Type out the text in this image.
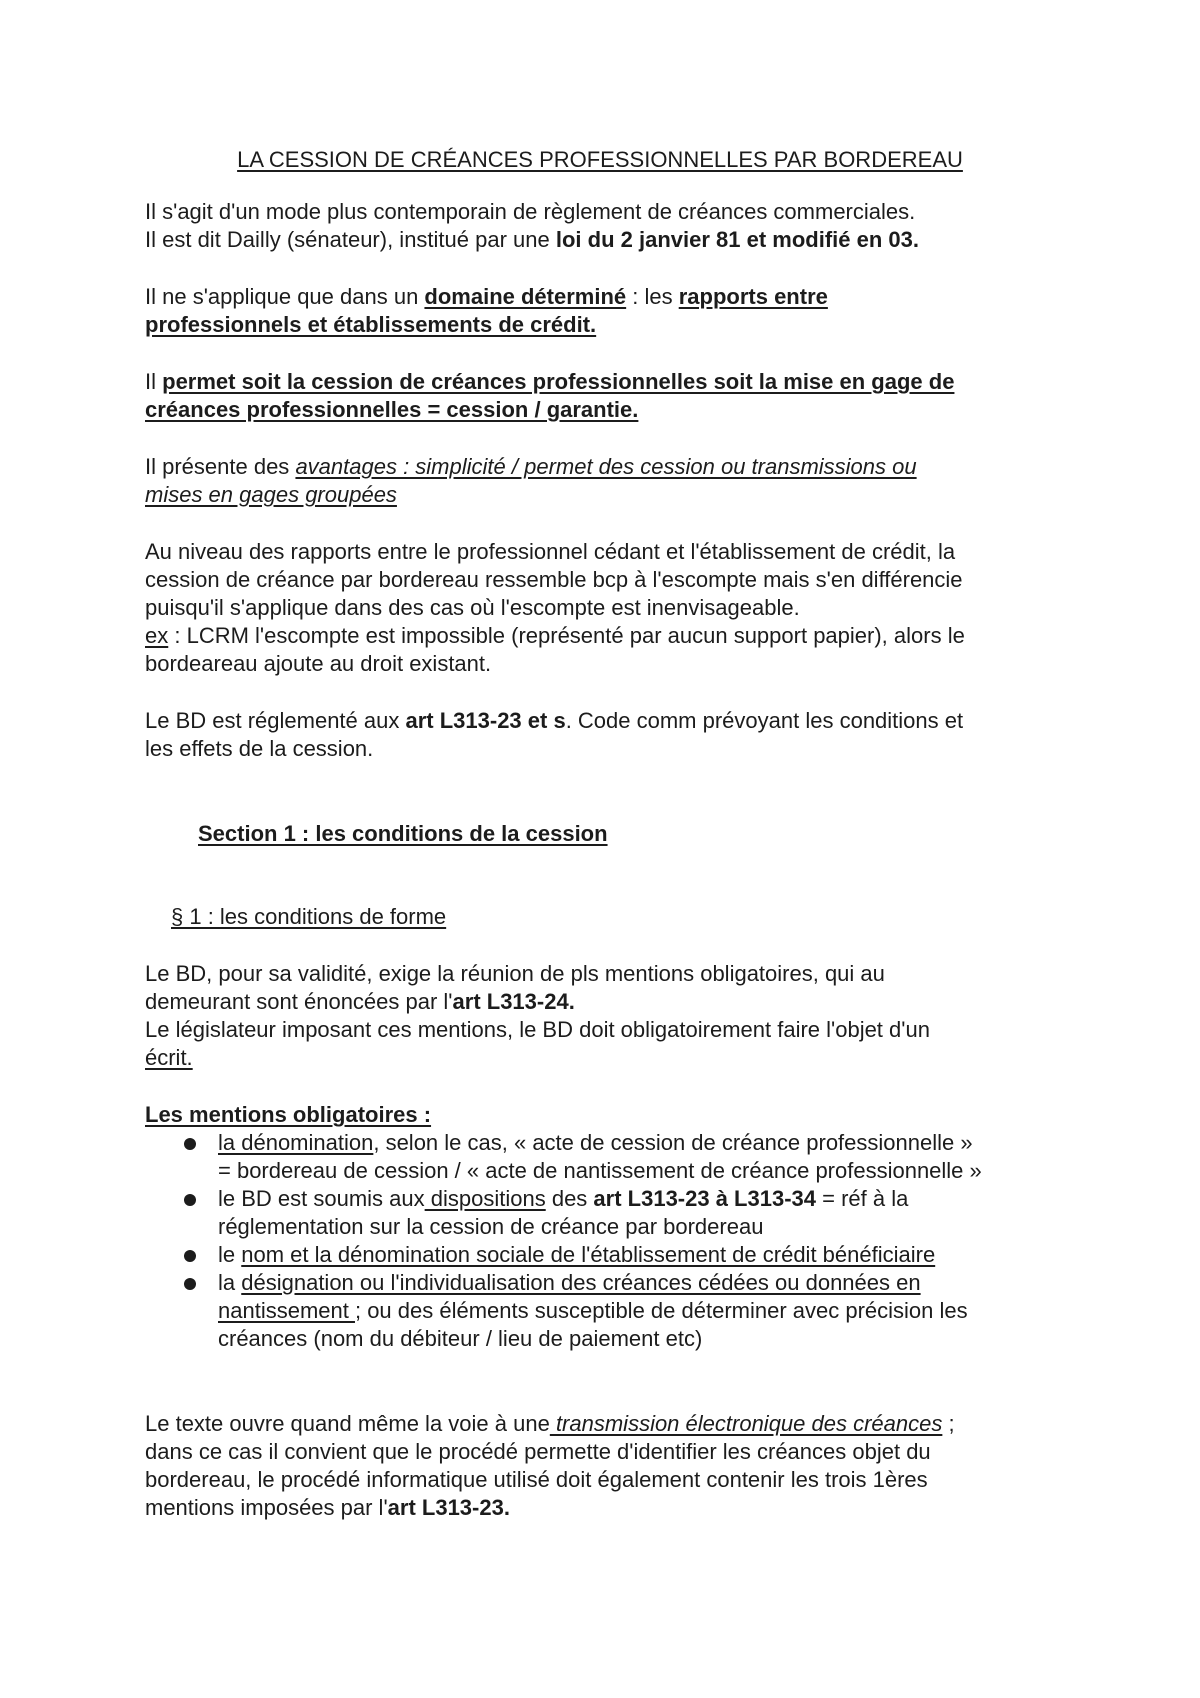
LA CESSION DE CRÉANCES PROFESSIONNELLES PAR BORDEREAU
Il s'agit d'un mode plus contemporain de règlement de créances commerciales.
Il est dit Dailly (sénateur), institué par une loi du 2 janvier 81 et modifié en 03.
Il ne s'applique que dans un domaine déterminé : les rapports entre
professionnels et établissements de crédit.
Il permet soit la cession de créances professionnelles soit la mise en gage de
créances professionnelles = cession / garantie.
Il présente des avantages : simplicité / permet des cession ou transmissions ou
mises en gages groupées
Au niveau des rapports entre le professionnel cédant et l'établissement de crédit, la
cession de créance par bordereau ressemble bcp à l'escompte mais s'en différencie
puisqu'il s'applique dans des cas où l'escompte est inenvisageable.
ex : LCRM l'escompte est impossible (représenté par aucun support papier), alors le
bordeareau ajoute au droit existant.
Le BD est réglementé aux art L313-23 et s. Code comm prévoyant les conditions et
les effets de la cession.
Section 1 : les conditions de la cession
§ 1 : les conditions de forme
Le BD, pour sa validité, exige la réunion de pls mentions obligatoires, qui au
demeurant sont énoncées par l'art L313-24.
Le législateur imposant ces mentions, le BD doit obligatoirement faire l'objet d'un
écrit.
Les mentions obligatoires :
la dénomination, selon le cas, « acte de cession de créance professionnelle »
= bordereau de cession / « acte de nantissement de créance professionnelle »
le BD est soumis aux dispositions des art L313-23 à L313-34 = réf à la
réglementation sur la cession de créance par bordereau
le nom et la dénomination sociale de l'établissement de crédit bénéficiaire
la désignation ou l'individualisation des créances cédées ou données en
nantissement ; ou des éléments susceptible de déterminer avec précision les
créances (nom du débiteur / lieu de paiement etc)
Le texte ouvre quand même la voie à une transmission électronique des créances ;
dans ce cas il convient que le procédé permette d'identifier les créances objet du
bordereau, le procédé informatique utilisé doit également contenir les trois 1ères
mentions imposées par l'art L313-23.
